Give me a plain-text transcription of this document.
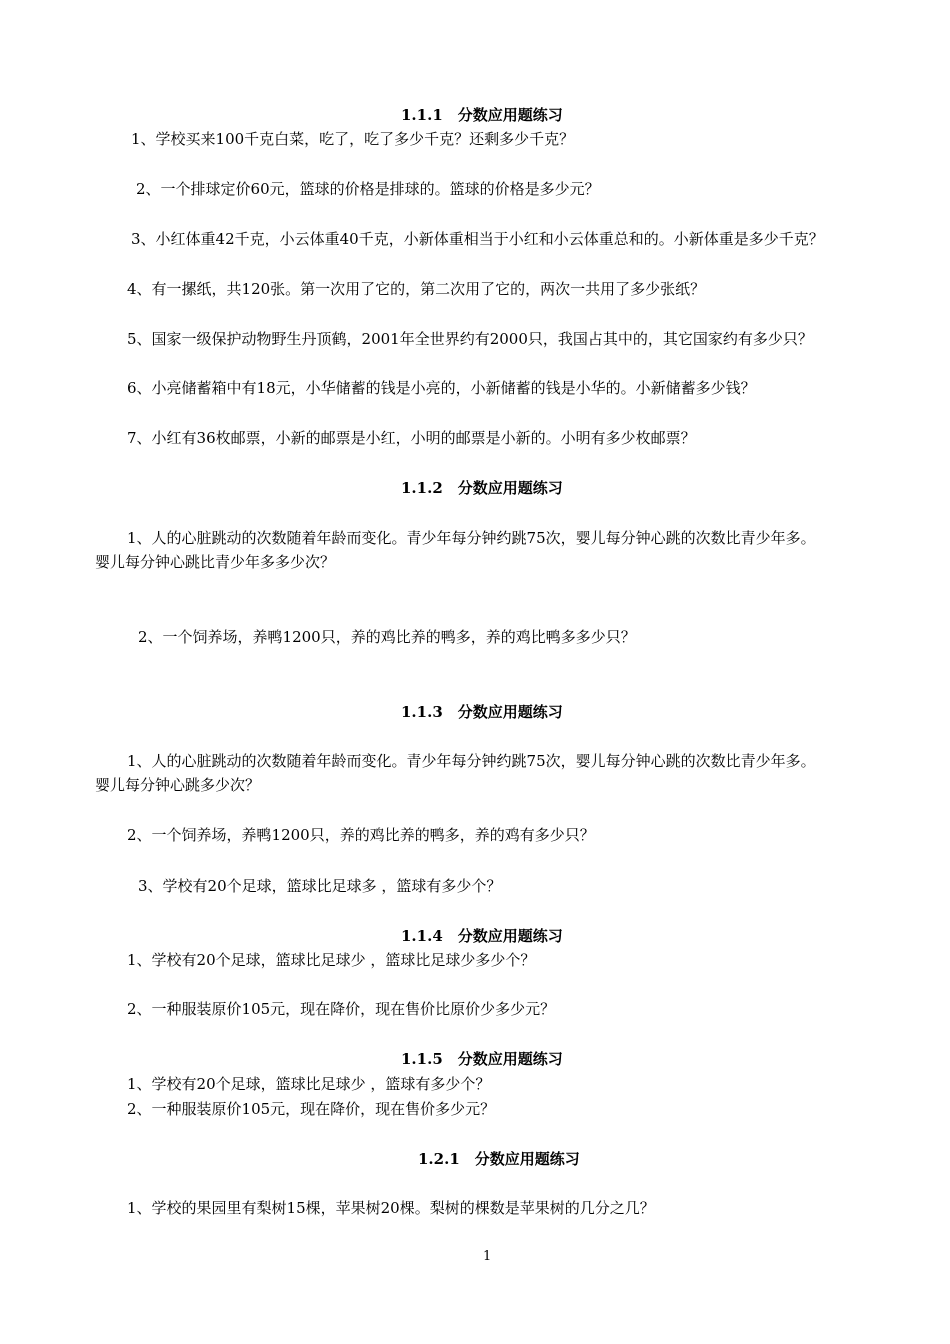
1.1.1　分数应用题练习
1、学校买来100千克白菜，吃了，吃了多少千克？还剩多少千克？
2、一个排球定价60元，篮球的价格是排球的。篮球的价格是多少元？
3、小红体重42千克，小云体重40千克，小新体重相当于小红和小云体重总和的。小新体重是多少千克？
4、有一摞纸，共120张。第一次用了它的，第二次用了它的，两次一共用了多少张纸？
5、国家一级保护动物野生丹顶鹤，2001年全世界约有2000只，我国占其中的，其它国家约有多少只？
6、小亮储蓄箱中有18元，小华储蓄的钱是小亮的，小新储蓄的钱是小华的。小新储蓄多少钱？
7、小红有36枚邮票，小新的邮票是小红，小明的邮票是小新的。小明有多少枚邮票？
1.1.2　分数应用题练习
1、人的心脏跳动的次数随着年龄而变化。青少年每分钟约跳75次，婴儿每分钟心跳的次数比青少年多。
婴儿每分钟心跳比青少年多多少次？
2、一个饲养场，养鸭1200只，养的鸡比养的鸭多，养的鸡比鸭多多少只？
1.1.3　分数应用题练习
1、人的心脏跳动的次数随着年龄而变化。青少年每分钟约跳75次，婴儿每分钟心跳的次数比青少年多。
婴儿每分钟心跳多少次？
2、一个饲养场，养鸭1200只，养的鸡比养的鸭多，养的鸡有多少只？
3、学校有20个足球，篮球比足球多 ，篮球有多少个？
1.1.4　分数应用题练习
1、学校有20个足球，篮球比足球少 ，篮球比足球少多少个？
2、一种服装原价105元，现在降价，现在售价比原价少多少元？
1.1.5　分数应用题练习
1、学校有20个足球，篮球比足球少 ，篮球有多少个？
2、一种服装原价105元，现在降价，现在售价多少元？
1.2.1　分数应用题练习
1、学校的果园里有梨树15棵，苹果树20棵。梨树的棵数是苹果树的几分之几？
1
